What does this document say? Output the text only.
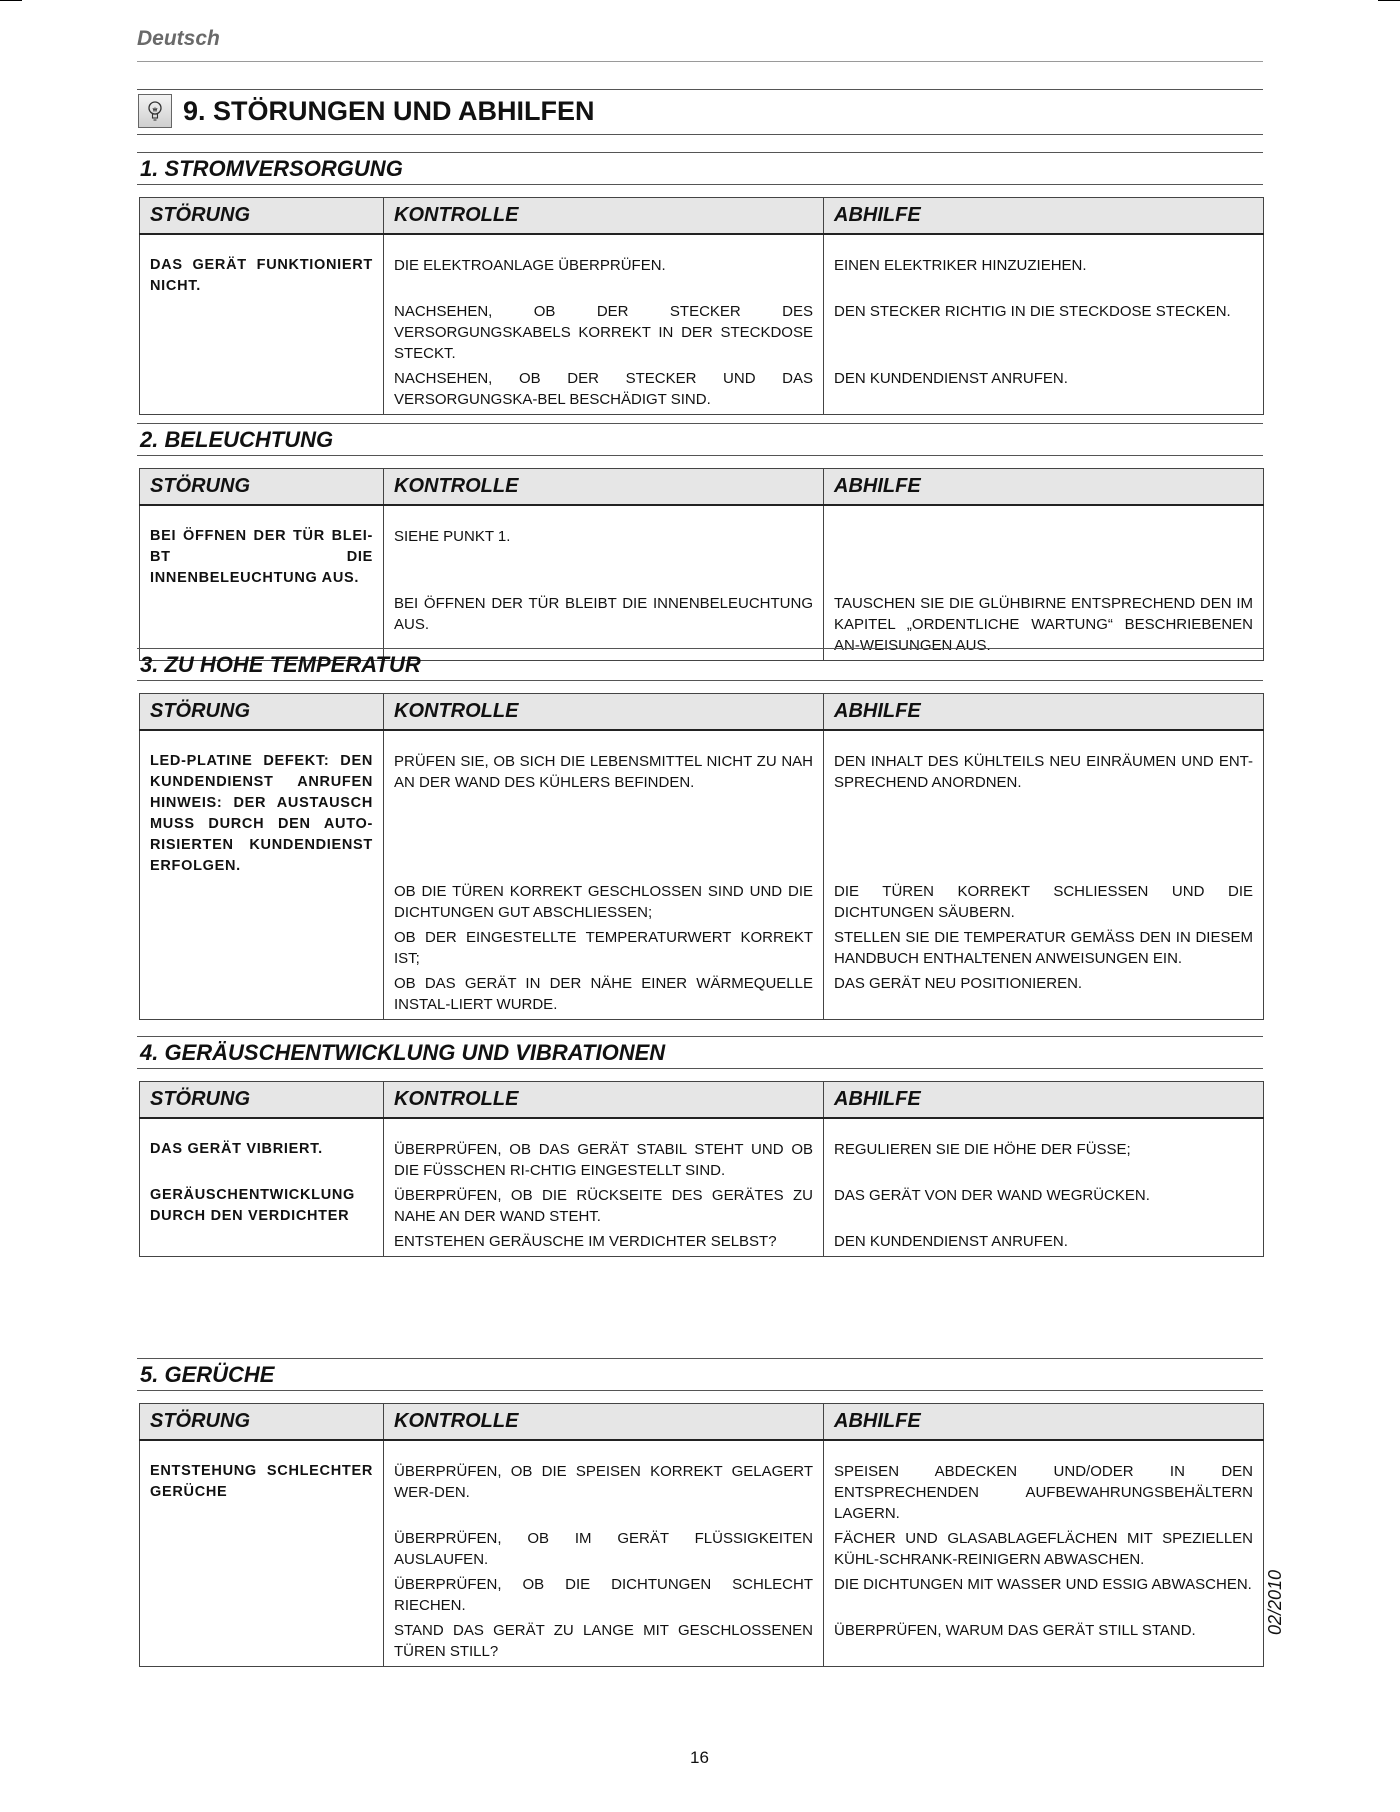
Deutsch
9. STÖRUNGEN UND ABHILFEN
1. STROMVERSORGUNG
STÖRUNG	KONTROLLE	ABHILFE
DAS GERÄT FUNKTIONIERT NICHT.	DIE ELEKTROANLAGE ÜBERPRÜFEN.	EINEN ELEKTRIKER HINZUZIEHEN.
	NACHSEHEN, OB DER STECKER DES VERSORGUNGSKABELS KORREKT IN DER STECKDOSE STECKT.	DEN STECKER RICHTIG IN DIE STECKDOSE STECKEN.
	NACHSEHEN, OB DER STECKER UND DAS VERSORGUNGSKA-BEL BESCHÄDIGT SIND.	DEN KUNDENDIENST ANRUFEN.
2. BELEUCHTUNG
STÖRUNG	KONTROLLE	ABHILFE
BEI ÖFFNEN DER TÜR BLEI-BT DIE INNENBELEUCHTUNG AUS.	SIEHE PUNKT 1.	
	BEI ÖFFNEN DER TÜR BLEIBT DIE INNENBELEUCHTUNG AUS.	TAUSCHEN SIE DIE GLÜHBIRNE ENTSPRECHEND DEN IM KAPITEL „ORDENTLICHE WARTUNG“ BESCHRIEBENEN AN-WEISUNGEN AUS.
3. ZU HOHE TEMPERATUR
STÖRUNG	KONTROLLE	ABHILFE
LED-PLATINE DEFEKT: DEN KUNDENDIENST ANRUFEN HINWEIS: DER AUSTAUSCH MUSS DURCH DEN AUTO-RISIERTEN KUNDENDIENST ERFOLGEN.	PRÜFEN SIE, OB SICH DIE LEBENSMITTEL NICHT ZU NAH AN DER WAND DES KÜHLERS BEFINDEN.	DEN INHALT DES KÜHLTEILS NEU EINRÄUMEN UND ENT-SPRECHEND ANORDNEN.
	OB DIE TÜREN KORREKT GESCHLOSSEN SIND UND DIE DICHTUNGEN GUT ABSCHLIESSEN;	DIE TÜREN KORREKT SCHLIESSEN UND DIE DICHTUNGEN SÄUBERN.
	OB DER EINGESTELLTE TEMPERATURWERT KORREKT IST;	STELLEN SIE DIE TEMPERATUR GEMÄSS DEN IN DIESEM HANDBUCH ENTHALTENEN ANWEISUNGEN EIN.
	OB DAS GERÄT IN DER NÄHE EINER WÄRMEQUELLE INSTAL-LIERT WURDE.	DAS GERÄT NEU POSITIONIEREN.
4. GERÄUSCHENTWICKLUNG UND VIBRATIONEN
STÖRUNG	KONTROLLE	ABHILFE
DAS GERÄT VIBRIERT.	ÜBERPRÜFEN, OB DAS GERÄT STABIL STEHT UND OB DIE FÜSSCHEN RI-CHTIG EINGESTELLT SIND.	REGULIEREN SIE DIE HÖHE DER FÜSSE;
GERÄUSCHENTWICKLUNG DURCH DEN VERDICHTER	ÜBERPRÜFEN, OB DIE RÜCKSEITE DES GERÄTES ZU NAHE AN DER WAND STEHT.	DAS GERÄT VON DER WAND WEGRÜCKEN.
	ENTSTEHEN GERÄUSCHE IM VERDICHTER SELBST?	DEN KUNDENDIENST ANRUFEN.
5. GERÜCHE
STÖRUNG	KONTROLLE	ABHILFE
ENTSTEHUNG SCHLECHTER GERÜCHE	ÜBERPRÜFEN, OB DIE SPEISEN KORREKT GELAGERT WER-DEN.	SPEISEN ABDECKEN UND/ODER IN DEN ENTSPRECHENDEN AUFBEWAHRUNGSBEHÄLTERN LAGERN.
	ÜBERPRÜFEN, OB IM GERÄT FLÜSSIGKEITEN AUSLAUFEN.	FÄCHER UND GLASABLAGEFLÄCHEN MIT SPEZIELLEN KÜHL-SCHRANK-REINIGERN ABWASCHEN.
	ÜBERPRÜFEN, OB DIE DICHTUNGEN SCHLECHT RIECHEN.	DIE DICHTUNGEN MIT WASSER UND ESSIG ABWASCHEN.
	STAND DAS GERÄT ZU LANGE MIT GESCHLOSSENEN TÜREN STILL?	ÜBERPRÜFEN, WARUM DAS GERÄT STILL STAND.
16
02/2010
